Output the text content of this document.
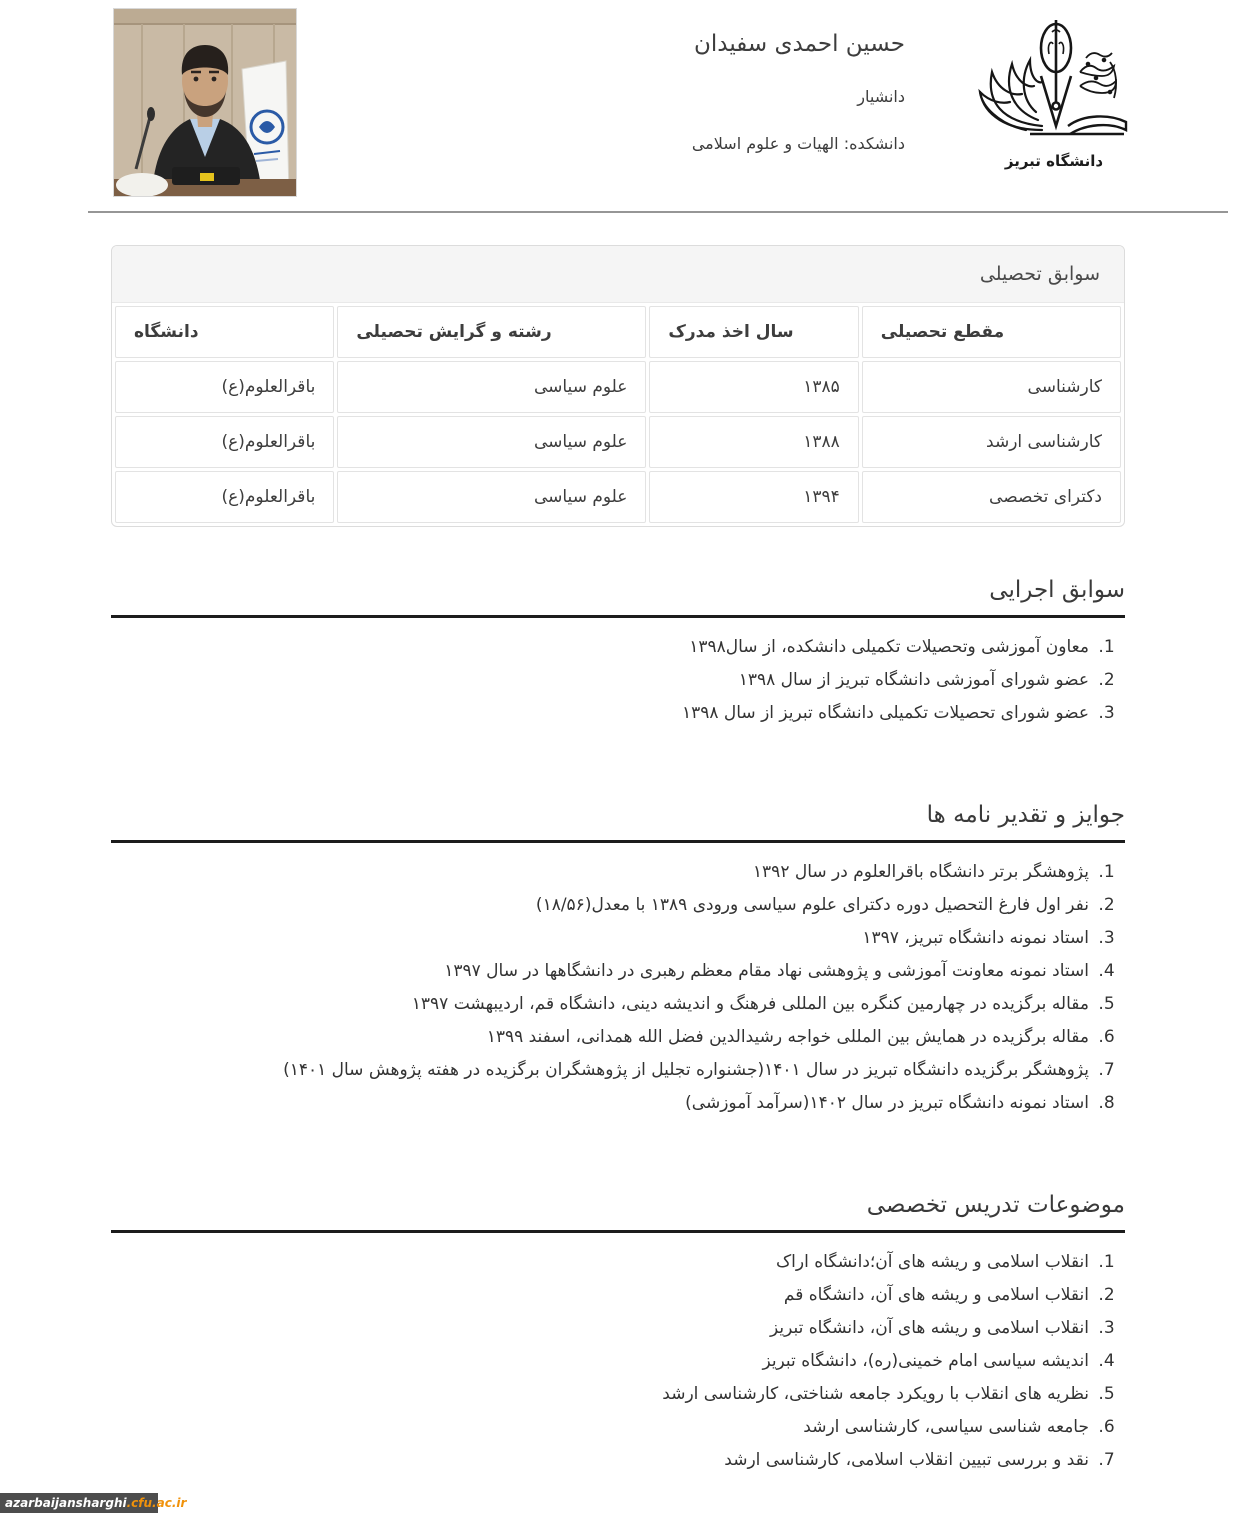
حسین احمدی سفیدان
دانشیار
دانشکده: الهیات و علوم اسلامی
دانشگاه تبریز
سوابق تحصیلی
مقطع تحصیلی	سال اخذ مدرک	رشته و گرایش تحصیلی	دانشگاه
کارشناسی	۱۳۸۵	علوم سیاسی	باقرالعلوم(ع)
کارشناسی ارشد	۱۳۸۸	علوم سیاسی	باقرالعلوم(ع)
دکترای تخصصی	۱۳۹۴	علوم سیاسی	باقرالعلوم(ع)
سوابق اجرایی
1. معاون آموزشی وتحصیلات تکمیلی دانشکده، از سال۱۳۹۸
2. عضو شورای آموزشی دانشگاه تبریز از سال ۱۳۹۸
3. عضو شورای تحصیلات تکمیلی دانشگاه تبریز از سال ۱۳۹۸
جوایز و تقدیر نامه ها
1. پژوهشگر برتر دانشگاه باقرالعلوم در سال ۱۳۹۲
2. نفر اول فارغ التحصیل دوره دکترای علوم سیاسی ورودی ۱۳۸۹ با معدل(۱۸/۵۶)
3. استاد نمونه دانشگاه تبریز، ۱۳۹۷
4. استاد نمونه معاونت آموزشی و پژوهشی نهاد مقام معظم رهبری در دانشگاهها در سال ۱۳۹۷
5. مقاله برگزیده در چهارمین کنگره بین المللی فرهنگ و اندیشه دینی، دانشگاه قم، اردیبهشت ۱۳۹۷
6. مقاله برگزیده در همایش بین المللی خواجه رشیدالدین فضل الله همدانی، اسفند ۱۳۹۹
7. پژوهشگر برگزیده دانشگاه تبریز در سال ۱۴۰۱(جشنواره تجلیل از پژوهشگران برگزیده در هفته پژوهش سال ۱۴۰۱)
8. استاد نمونه دانشگاه تبریز در سال ۱۴۰۲(سرآمد آموزشی)
موضوعات تدریس تخصصی
1. انقلاب اسلامی و ریشه های آن؛دانشگاه اراک
2. انقلاب اسلامی و ریشه های آن، دانشگاه قم
3. انقلاب اسلامی و ریشه های آن، دانشگاه تبریز
4. اندیشه سیاسی امام خمینی(ره)، دانشگاه تبریز
5. نظریه های انقلاب با رویکرد جامعه شناختی، کارشناسی ارشد
6. جامعه شناسی سیاسی، کارشناسی ارشد
7. نقد و بررسی تبیین انقلاب اسلامی، کارشناسی ارشد
azarbaijansharghi.cfu.ac.ir
